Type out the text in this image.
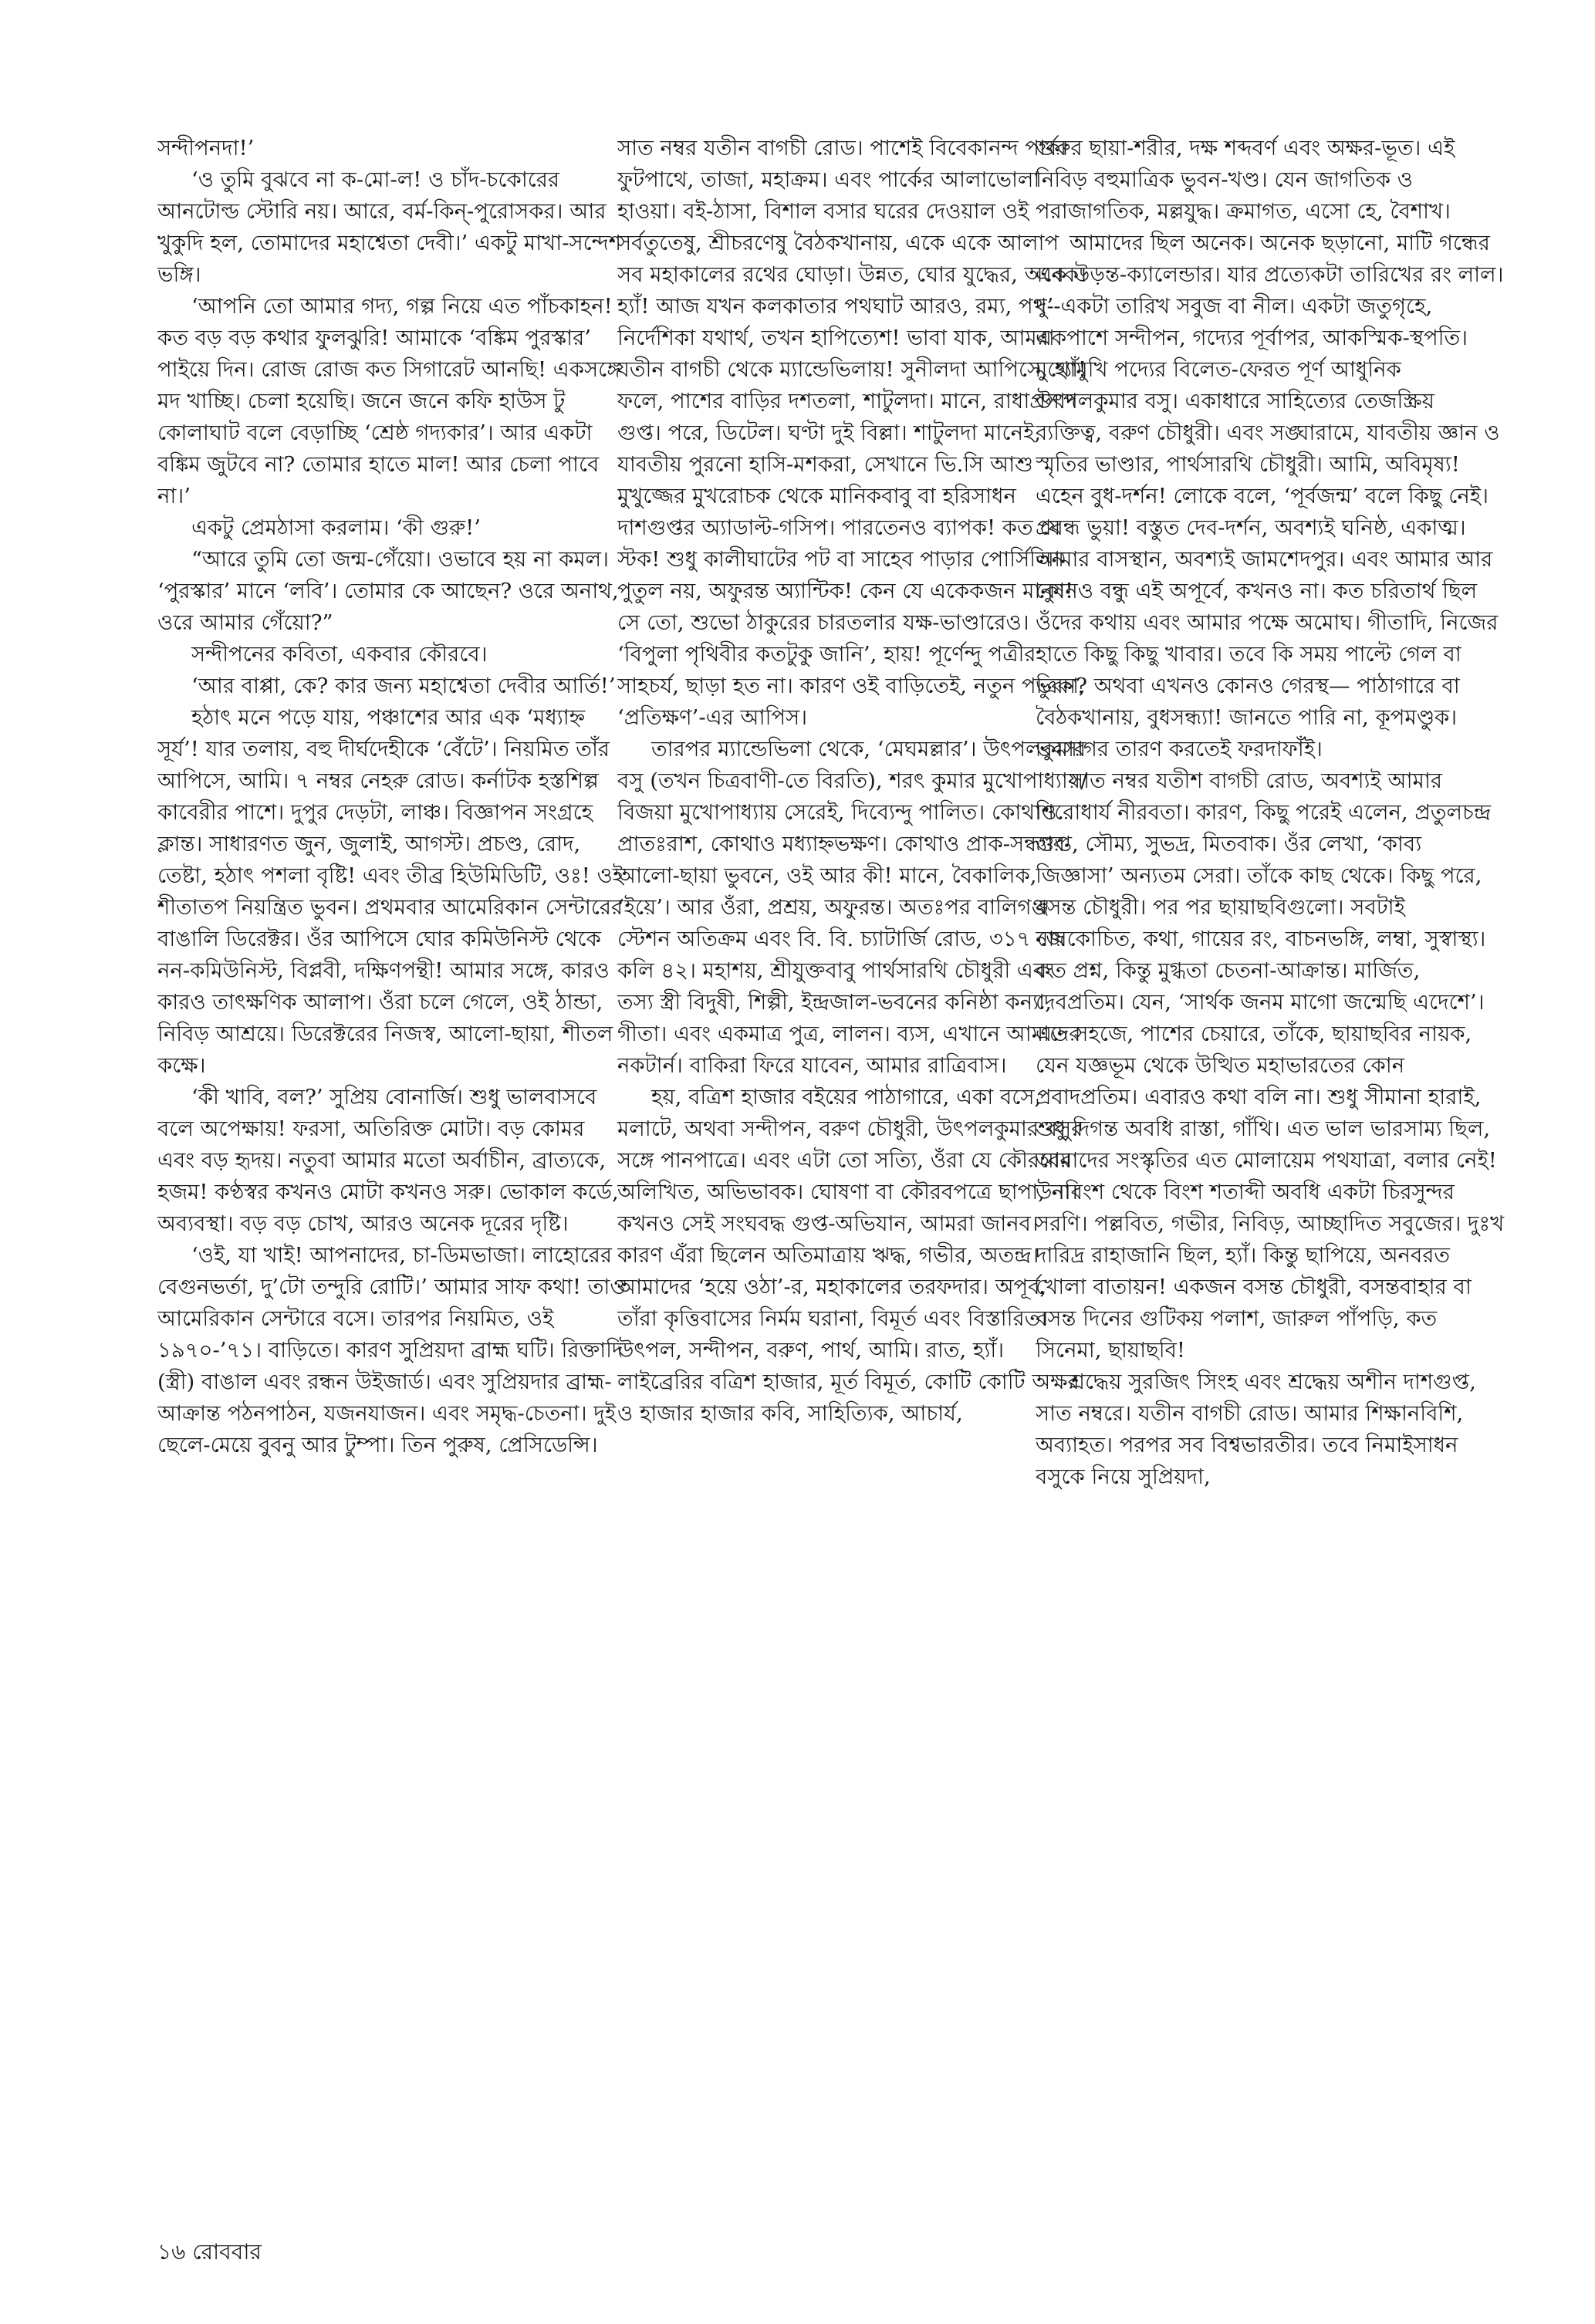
সন্দীপনদা!’

‘ও তুমি বুঝবে না ক-মো-ল! ও চাঁদ-চকোরের আনটোল্ড স্টোরি নয়। আরে, বর্ম-কিন্-পুরোসকর। আর খুকুদি হল, তোমাদের মহাশ্বেতা দেবী।’ একটু মাখা-সন্দেশ ভঙ্গি।

‘আপনি তো আমার গদ্য, গল্প নিয়ে এত পাঁচকাহন! কত বড় বড় কথার ফুলঝুরি! আমাকে ‘বঙ্কিম পুরস্কার’ পাইয়ে দিন। রোজ রোজ কত সিগারেট আনছি! একসঙ্গে মদ খাচ্ছি। চেলা হয়েছি। জনে জনে কফি হাউস টু কোলাঘাট বলে বেড়াচ্ছি ‘শ্রেষ্ঠ গদ্যকার’। আর একটা বঙ্কিম জুটবে না? তোমার হাতে মাল! আর চেলা পাবে না।’

একটু প্রেমঠাসা করলাম। ‘কী গুরু!’

“আরে তুমি তো জন্ম-গেঁয়ো। ওভাবে হয় না কমল। ‘পুরস্কার’ মানে ‘লবি’। তোমার কে আছেন? ওরে অনাথ, ওরে আমার গেঁয়ো?”

সন্দীপনের কবিতা, একবার কৌরবে।

‘আর বাপ্পা, কে? কার জন্য মহাশ্বেতা দেবীর আর্তি!’

হঠাৎ মনে পড়ে যায়, পঞ্চাশের আর এক ‘মধ্যাহ্ন সূর্য’! যার তলায়, বহু দীর্ঘদেহীকে ‘বেঁটে’। নিয়মিত তাঁর আপিসে, আমি। ৭ নম্বর নেহরু রোড। কর্নাটক হস্তশিল্প কাবেরীর পাশে। দুপুর দেড়টা, লাঞ্চ। বিজ্ঞাপন সংগ্রহে ক্লান্ত। সাধারণত জুন, জুলাই, আগস্ট। প্রচণ্ড, রোদ, তেষ্টা, হঠাৎ পশলা বৃষ্টি! এবং তীব্র হিউমিডিটি, ওঃ! ওই শীতাতপ নিয়ন্ত্রিত ভুবন। প্রথমবার আমেরিকান সেন্টারের বাঙালি ডিরেক্টর। ওঁর আপিসে ঘোর কমিউনিস্ট থেকে নন-কমিউনিস্ট, বিপ্লবী, দক্ষিণপন্থী! আমার সঙ্গে, কারও কারও তাৎক্ষণিক আলাপ। ওঁরা চলে গেলে, ওই ঠান্ডা, নিবিড় আশ্রয়ে। ডিরেক্টরের নিজস্ব, আলো-ছায়া, শীতল কক্ষে।

‘কী খাবি, বল?’ সুপ্রিয় বোনার্জি। শুধু ভালবাসবে বলে অপেক্ষায়! ফরসা, অতিরিক্ত মোটা। বড় কোমর এবং বড় হৃদয়। নতুবা আমার মতো অর্বাচীন, ব্রাত্যকে, হজম! কণ্ঠস্বর কখনও মোটা কখনও সরু। ভোকাল কর্ডে, অব্যবস্থা। বড় বড় চোখ, আরও অনেক দূরের দৃষ্টি।

‘ওই, যা খাই! আপনাদের, চা-ডিমভাজা। লাহোরের বেগুনভর্তা, দু’টো তন্দুরি রোটি।’ আমার সাফ কথা! তাও আমেরিকান সেন্টারে বসে। তারপর নিয়মিত, ওই ১৯৭০-’৭১। বাড়িতে। কারণ সুপ্রিয়দা ব্রাহ্ম ঘটি। রিক্তাদি (স্ত্রী) বাঙাল এবং রন্ধন উইজার্ড। এবং সুপ্রিয়দার ব্রাহ্ম-আক্রান্ত পঠনপাঠন, যজনযাজন। এবং সমৃদ্ধ-চেতনা। দুই ছেলে-মেয়ে বুবনু আর টুম্পা। তিন পুরুষ, প্রেসিডেন্সি।

সাত নম্বর যতীন বাগচী রোড। পাশেই বিবেকানন্দ পার্ক। ফুটপাথে, তাজা, মহাক্রম। এবং পার্কের আলাভোলা হাওয়া। বই-ঠাসা, বিশাল বসার ঘরের দেওয়াল ওই সর্বতুতেষু, শ্রীচরণেষু বৈঠকখানায়, একে একে আলাপ সব মহাকালের রথের ঘোড়া। উন্নত, ঘোর যুদ্ধের, অনেক। হ্যাঁ! আজ যখন কলকাতার পথঘাট আরও, রম্য, পথ-নির্দেশিকা যথার্থ, তখন হাপিত্যেশ! ভাবা যাক, আমরা যতীন বাগচী থেকে ম্যান্ডেভিলায়! সুনীলদা আপিসে, হ্যাঁ! ফলে, পাশের বাড়ির দশতলা, শাটুলদা। মানে, রাধাপ্রসাদ গুপ্ত। পরে, ডিটেল। ঘণ্টা দুই বিল্লা। শাটুলদা মানেই, যাবতীয় পুরনো হাসি-মশকরা, সেখানে ভি.সি আশু মুখুজ্জের মুখরোচক থেকে মানিকবাবু বা হরিসাধন দাশগুপ্তর অ্যাডাল্ট-গসিপ। পারতেনও ব্যাপক! কত যে স্টক! শুধু কালীঘাটের পট বা সাহেব পাড়ার পোর্সিলিন পুতুল নয়, অফুরন্ত অ্যান্টিক! কেন যে একেকজন মানুষ! সে তো, শুভো ঠাকুরের চারতলার যক্ষ-ভাণ্ডারেও। ‘বিপুলা পৃথিবীর কতটুকু জানি’, হায়! পূর্ণেন্দু পত্রীর সাহচর্য, ছাড়া হত না। কারণ ওই বাড়িতেই, নতুন পত্রিকা, ‘প্রতিক্ষণ’-এর আপিস।

তারপর ম্যান্ডেভিলা থেকে, ‘মেঘমল্লার’। উৎপলকুমার বসু (তখন চিত্রবাণী-তে বিরতি), শরৎ কুমার মুখোপাধ্যায়/ বিজয়া মুখোপাধ্যায় সেরেই, দিব্যেন্দু পালিত। কোথাও প্রাতঃরাশ, কোথাও মধ্যাহ্নভক্ষণ। কোথাও প্রাক-সন্ধ্যার আলো-ছায়া ভুবনে, ওই আর কী! মানে, বৈকালিক, ‘ইয়ে’। আর ওঁরা, প্রশ্রয়, অফুরন্ত। অতঃপর বালিগঞ্জ স্টেশন অতিক্রম এবং বি. বি. চ্যাটার্জি রোড, ৩১৭ জে কলি ৪২। মহাশয়, শ্রীযুক্তবাবু পার্থসারথি চৌধুরী এবং তস্য স্ত্রী বিদুষী, শিল্পী, ইন্দ্রজাল-ভবনের কনিষ্ঠা কন্যা, গীতা। এবং একমাত্র পুত্র, লালন। ব্যস, এখানে আমাদের নকটার্ন। বাকিরা ফিরে যাবেন, আমার রাত্রিবাস।

হয়, বত্রিশ হাজার বইয়ের পাঠাগারে, একা বসে, মলাটে, অথবা সন্দীপন, বরুণ চৌধুরী, উৎপলকুমার বসুর সঙ্গে পানপাত্রে। এবং এটা তো সত্যি, ওঁরা যে কৌরবের অলিখিত, অভিভাবক। ঘোষণা বা কৌরবপত্রে ছাপা, না। কখনও সেই সংঘবদ্ধ গুপ্ত-অভিযান, আমরা জানব। কারণ এঁরা ছিলেন অতিমাত্রায় ঋদ্ধ, গভীর, অতন্দ্র। আমাদের ‘হয়ে ওঠা’-র, মহাকালের তরফদার। অপূর্ব, তাঁরা কৃত্তিবাসের নির্মম ঘরানা, বিমূর্ত এবং বিস্তারিত। উৎপল, সন্দীপন, বরুণ, পার্থ, আমি। রাত, হ্যাঁ। লাইব্রেরির বত্রিশ হাজার, মূর্ত বিমূর্ত, কোটি কোটি অক্ষর ও হাজার হাজার কবি, সাহিত্যিক, আচার্য,

গুরুর ছায়া-শরীর, দক্ষ শব্দবর্ণ এবং অক্ষর-ভূত। এই নিবিড় বহুমাত্রিক ভুবন-খণ্ড। যেন জাগতিক ও পরাজাগতিক, মল্লযুদ্ধ। ক্রমাগত, এসো হে, বৈশাখ।

আমাদের ছিল অনেক। অনেক ছড়ানো, মাটি গন্ধের এক উড়ন্ত-ক্যালেন্ডার। যার প্রত্যেকটা তারিখের রং লাল। দু’-একটা তারিখ সবুজ বা নীল। একটা জতুগৃহে, একপাশে সন্দীপন, গদ্যের পূর্বাপর, আকস্মিক-স্থপতি। মুখোমুখি পদ্যের বিলেত-ফেরত পূর্ণ আধুনিক উৎপলকুমার বসু। একাধারে সাহিত্যের তেজস্ক্রিয় ব্যক্তিত্ব, বরুণ চৌধুরী। এবং সঙ্ঘারামে, যাবতীয় জ্ঞান ও স্মৃতির ভাণ্ডার, পার্থসারথি চৌধুরী। আমি, অবিমৃষ্য! এহেন বুধ-দর্শন! লোকে বলে, ‘পূর্বজন্ম’ বলে কিছু নেই। প্রবন্ধ ভুয়া! বস্তুত দেব-দর্শন, অবশ্যই ঘনিষ্ঠ, একাত্ম। আমার বাসস্থান, অবশ্যই জামশেদপুর। এবং আমার আর কোনও বন্ধু এই অপূর্বে, কখনও না। কত চরিতার্থ ছিল ওঁদের কথায় এবং আমার পক্ষে অমোঘ। গীতাদি, নিজের হাতে কিছু কিছু খাবার। তবে কি সময় পাল্টে গেল বা ভুবন? অথবা এখনও কোনও গেরস্থ— পাঠাগারে বা বৈঠকখানায়, বুধসন্ধ্যা! জানতে পারি না, কূপমণ্ডুক। ভবসাগর তারণ করতেই ফরদাফাঁই।

সাত নম্বর যতীশ বাগচী রোড, অবশ্যই আমার শিরোধার্য নীরবতা। কারণ, কিছু পরেই এলেন, প্রতুলচন্দ্র গুপ্ত, সৌম্য, সুভদ্র, মিতবাক। ওঁর লেখা, ‘কাব্য জিজ্ঞাসা’ অন্যতম সেরা। তাঁকে কাছ থেকে। কিছু পরে, বসন্ত চৌধুরী। পর পর ছায়াছবিগুলো। সবটাই নায়কোচিত, কথা, গায়ের রং, বাচনভঙ্গি, লম্বা, সুস্বাস্থ্য। কত প্রশ্ন, কিন্তু মুগ্ধতা চেতনা-আক্রান্ত। মার্জিত, দেবপ্রতিম। যেন, ‘সার্থক জনম মাগো জন্মেছি এদেশে’। এত সহজে, পাশের চেয়ারে, তাঁকে, ছায়াছবির নায়ক, যেন যজ্ঞভূম থেকে উত্থিত মহাভারতের কোন প্রবাদপ্রতিম। এবারও কথা বলি না। শুধু সীমানা হারাই, শুধু দিগন্ত অবধি রাস্তা, গাঁথি। এত ভাল ভারসাম্য ছিল, আমাদের সংস্কৃতির এত মোলায়েম পথযাত্রা, বলার নেই! উনবিংশ থেকে বিংশ শতাব্দী অবধি একটা চিরসুন্দর সরণি। পল্লবিত, গভীর, নিবিড়, আচ্ছাদিত সবুজের। দুঃখ দারিদ্র রাহাজানি ছিল, হ্যাঁ। কিন্তু ছাপিয়ে, অনবরত খোলা বাতায়ন! একজন বসন্ত চৌধুরী, বসন্তবাহার বা বসন্ত দিনের গুটিকয় পলাশ, জারুল পাঁপড়ি, কত সিনেমা, ছায়াছবি!

শ্রদ্ধেয় সুরজিৎ সিংহ এবং শ্রদ্ধেয় অশীন দাশগুপ্ত, সাত নম্বরে। যতীন বাগচী রোড। আমার শিক্ষানবিশি, অব্যাহত। পরপর সব বিশ্বভারতীর। তবে নিমাইসাধন বসুকে নিয়ে সুপ্রিয়দা,

১৬ রোববার
